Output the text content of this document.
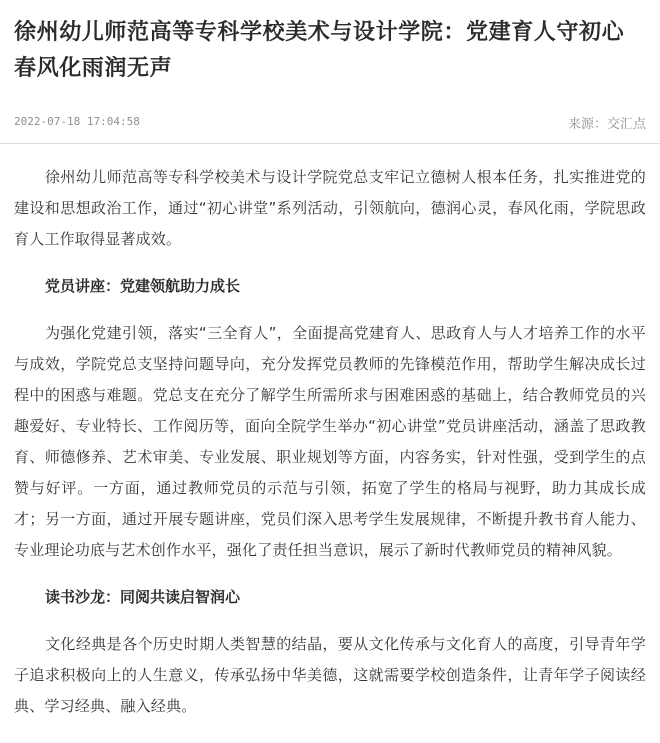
徐州幼儿师范高等专科学校美术与设计学院：党建育人守初心 春风化雨润无声
2022-07-18 17:04:58	来源：交汇点

徐州幼儿师范高等专科学校美术与设计学院党总支牢记立德树人根本任务，扎实推进党的建设和思想政治工作，通过“初心讲堂”系列活动，引领航向，德润心灵，春风化雨，学院思政育人工作取得显著成效。

党员讲座：党建领航助力成长

为强化党建引领，落实“三全育人”，全面提高党建育人、思政育人与人才培养工作的水平与成效，学院党总支坚持问题导向，充分发挥党员教师的先锋模范作用，帮助学生解决成长过程中的困惑与难题。党总支在充分了解学生所需所求与困难困惑的基础上，结合教师党员的兴趣爱好、专业特长、工作阅历等，面向全院学生举办“初心讲堂”党员讲座活动，涵盖了思政教育、师德修养、艺术审美、专业发展、职业规划等方面，内容务实，针对性强，受到学生的点赞与好评。一方面，通过教师党员的示范与引领，拓宽了学生的格局与视野，助力其成长成才；另一方面，通过开展专题讲座，党员们深入思考学生发展规律，不断提升教书育人能力、专业理论功底与艺术创作水平，强化了责任担当意识，展示了新时代教师党员的精神风貌。

读书沙龙：同阅共读启智润心

文化经典是各个历史时期人类智慧的结晶，要从文化传承与文化育人的高度，引导青年学子追求积极向上的人生意义，传承弘扬中华美德，这就需要学校创造条件，让青年学子阅读经典、学习经典、融入经典。
